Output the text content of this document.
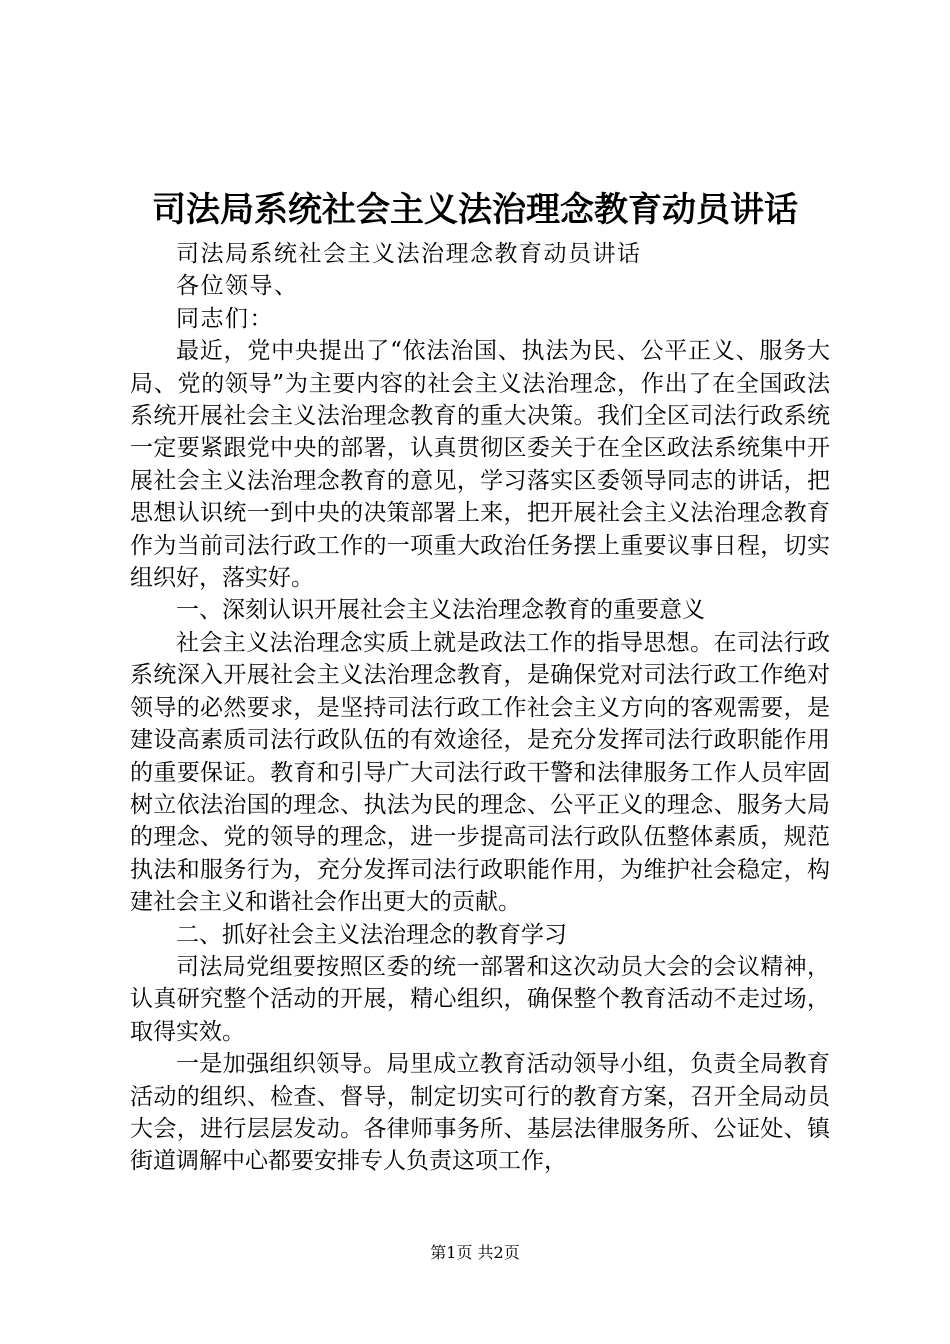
司法局系统社会主义法治理念教育动员讲话

司法局系统社会主义法治理念教育动员讲话

各位领导、

同志们：

最近，党中央提出了“依法治国、执法为民、公平正义、服务大局、党的领导”为主要内容的社会主义法治理念，作出了在全国政法系统开展社会主义法治理念教育的重大决策。我们全区司法行政系统一定要紧跟党中央的部署，认真贯彻区委关于在全区政法系统集中开展社会主义法治理念教育的意见，学习落实区委领导同志的讲话，把思想认识统一到中央的决策部署上来，把开展社会主义法治理念教育作为当前司法行政工作的一项重大政治任务摆上重要议事日程，切实组织好，落实好。

一、深刻认识开展社会主义法治理念教育的重要意义

社会主义法治理念实质上就是政法工作的指导思想。在司法行政系统深入开展社会主义法治理念教育，是确保党对司法行政工作绝对领导的必然要求，是坚持司法行政工作社会主义方向的客观需要，是建设高素质司法行政队伍的有效途径，是充分发挥司法行政职能作用的重要保证。教育和引导广大司法行政干警和法律服务工作人员牢固树立依法治国的理念、执法为民的理念、公平正义的理念、服务大局的理念、党的领导的理念，进一步提高司法行政队伍整体素质，规范执法和服务行为，充分发挥司法行政职能作用，为维护社会稳定，构建社会主义和谐社会作出更大的贡献。

二、抓好社会主义法治理念的教育学习

司法局党组要按照区委的统一部署和这次动员大会的会议精神，认真研究整个活动的开展，精心组织，确保整个教育活动不走过场，取得实效。

一是加强组织领导。局里成立教育活动领导小组，负责全局教育活动的组织、检查、督导，制定切实可行的教育方案，召开全局动员大会，进行层层发动。各律师事务所、基层法律服务所、公证处、镇街道调解中心都要安排专人负责这项工作，

第1页 共2页
